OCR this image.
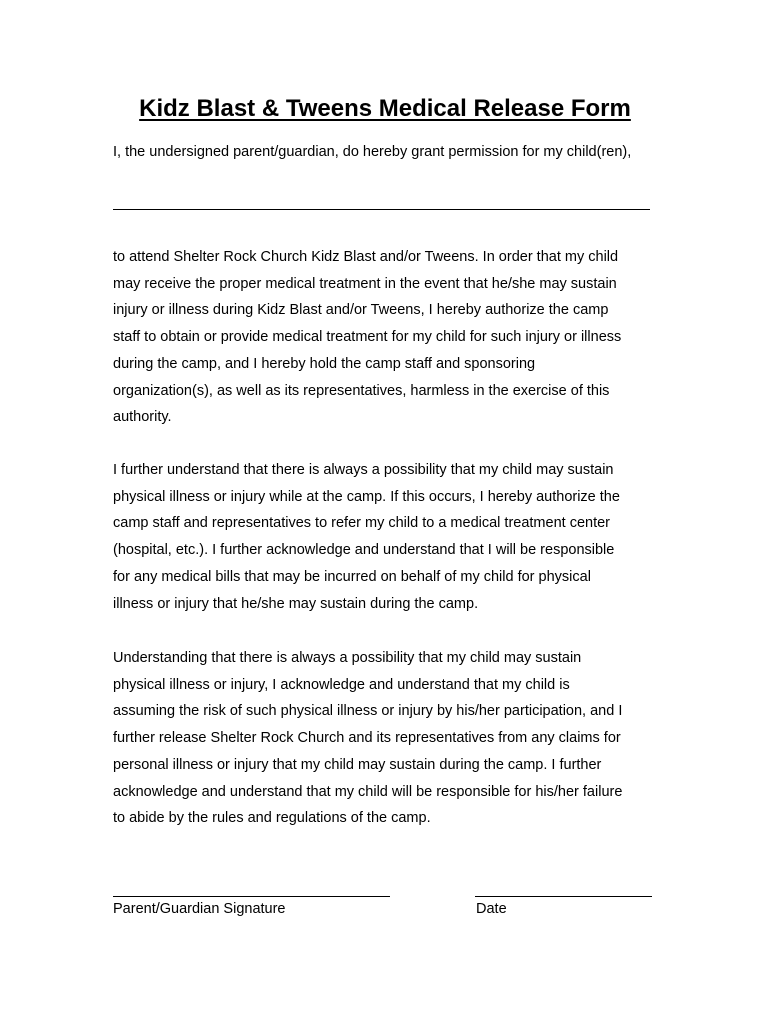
Kidz Blast & Tweens Medical Release Form
I, the undersigned parent/guardian, do hereby grant permission for my child(ren),

to attend Shelter Rock Church Kidz Blast and/or Tweens. In order that my child
may receive the proper medical treatment in the event that he/she may sustain
injury or illness during Kidz Blast and/or Tweens, I hereby authorize the camp
staff to obtain or provide medical treatment for my child for such injury or illness
during the camp, and I hereby hold the camp staff and sponsoring
organization(s), as well as its representatives, harmless in the exercise of this
authority.

I further understand that there is always a possibility that my child may sustain
physical illness or injury while at the camp. If this occurs, I hereby authorize the
camp staff and representatives to refer my child to a medical treatment center
(hospital, etc.). I further acknowledge and understand that I will be responsible
for any medical bills that may be incurred on behalf of my child for physical
illness or injury that he/she may sustain during the camp.

Understanding that there is always a possibility that my child may sustain
physical illness or injury, I acknowledge and understand that my child is
assuming the risk of such physical illness or injury by his/her participation, and I
further release Shelter Rock Church and its representatives from any claims for
personal illness or injury that my child may sustain during the camp. I further
acknowledge and understand that my child will be responsible for his/her failure
to abide by the rules and regulations of the camp.

Parent/Guardian Signature	Date
